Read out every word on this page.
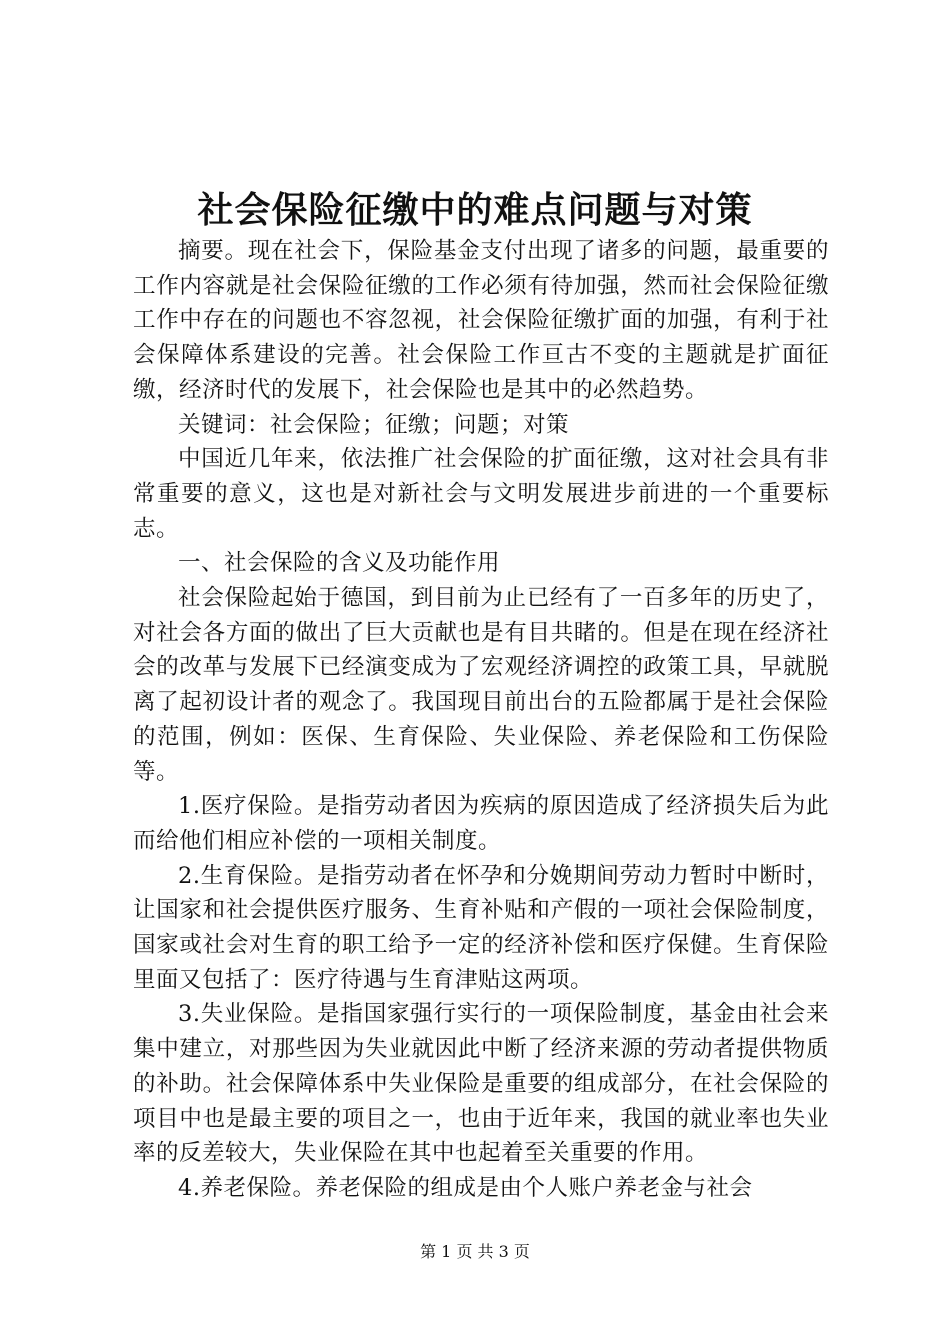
社会保险征缴中的难点问题与对策

摘要。现在社会下，保险基金支付出现了诸多的问题，最重要的工作内容就是社会保险征缴的工作必须有待加强，然而社会保险征缴工作中存在的问题也不容忽视，社会保险征缴扩面的加强，有利于社会保障体系建设的完善。社会保险工作亘古不变的主题就是扩面征缴，经济时代的发展下，社会保险也是其中的必然趋势。

关键词：社会保险；征缴；问题；对策

中国近几年来，依法推广社会保险的扩面征缴，这对社会具有非常重要的意义，这也是对新社会与文明发展进步前进的一个重要标志。

一、社会保险的含义及功能作用

社会保险起始于德国，到目前为止已经有了一百多年的历史了，对社会各方面的做出了巨大贡献也是有目共睹的。但是在现在经济社会的改革与发展下已经演变成为了宏观经济调控的政策工具，早就脱离了起初设计者的观念了。我国现目前出台的五险都属于是社会保险的范围，例如：医保、生育保险、失业保险、养老保险和工伤保险等。

1.医疗保险。是指劳动者因为疾病的原因造成了经济损失后为此而给他们相应补偿的一项相关制度。

2.生育保险。是指劳动者在怀孕和分娩期间劳动力暂时中断时，让国家和社会提供医疗服务、生育补贴和产假的一项社会保险制度，国家或社会对生育的职工给予一定的经济补偿和医疗保健。生育保险里面又包括了：医疗待遇与生育津贴这两项。

3.失业保险。是指国家强行实行的一项保险制度，基金由社会来集中建立，对那些因为失业就因此中断了经济来源的劳动者提供物质的补助。社会保障体系中失业保险是重要的组成部分，在社会保险的项目中也是最主要的项目之一，也由于近年来，我国的就业率也失业率的反差较大，失业保险在其中也起着至关重要的作用。

4.养老保险。养老保险的组成是由个人账户养老金与社会

第 1 页 共 3 页
